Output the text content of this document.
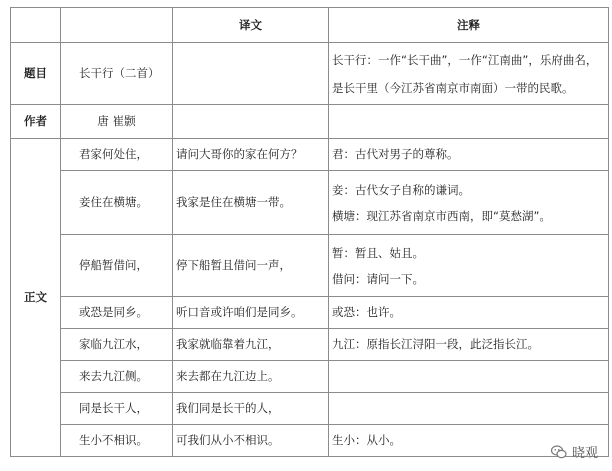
		译文	注释
题目	长干行（二首）		长干行：一作“长干曲”，一作“江南曲”，乐府曲名，
是长干里（今江苏省南京市南面）一带的民歌。

作者	唐 崔颢		
正文	君家何处住，	请问大哥你的家在何方？	君：古代对男子的尊称。
	妾住在横塘。	我家是住在横塘一带。	妾：古代女子自称的谦词。
横塘：现江苏省南京市西南，即“莫愁湖”。

	停船暂借问，	停下船暂且借问一声，	暂：暂且、姑且。
借问：请问一下。

	或恐是同乡。	听口音或许咱们是同乡。	或恐：也许。
	家临九江水，	我家就临靠着九江，	九江：原指长江浔阳一段，此泛指长江。
	来去九江侧。	来去都在九江边上。	
	同是长干人，	我们同是长干的人，	
	生小不相识。	可我们从小不相识。	生小：从小。
晓观
